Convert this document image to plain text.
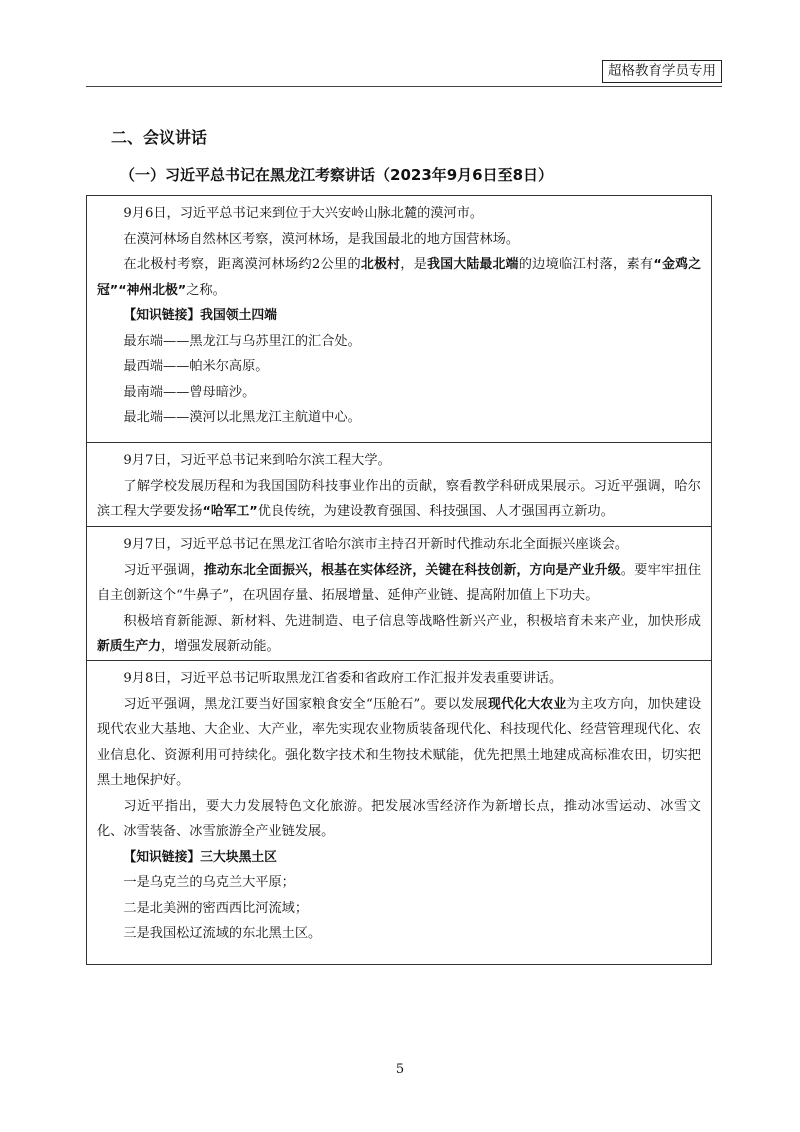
超格教育学员专用
二、会议讲话
（一）习近平总书记在黑龙江考察讲话（2023年9月6日至8日）

9月6日，习近平总书记来到位于大兴安岭山脉北麓的漠河市。

在漠河林场自然林区考察，漠河林场，是我国最北的地方国营林场。

在北极村考察，距离漠河林场约2公里的北极村，是我国大陆最北端的边境临江村落，素有“金鸡之冠”“神州北极”之称。

【知识链接】我国领土四端

最东端——黑龙江与乌苏里江的汇合处。

最西端——帕米尔高原。

最南端——曾母暗沙。

最北端——漠河以北黑龙江主航道中心。

9月7日，习近平总书记来到哈尔滨工程大学。

了解学校发展历程和为我国国防科技事业作出的贡献，察看教学科研成果展示。习近平强调，哈尔滨工程大学要发扬“哈军工”优良传统，为建设教育强国、科技强国、人才强国再立新功。

9月7日，习近平总书记在黑龙江省哈尔滨市主持召开新时代推动东北全面振兴座谈会。

习近平强调，推动东北全面振兴，根基在实体经济，关键在科技创新，方向是产业升级。要牢牢扭住自主创新这个“牛鼻子”，在巩固存量、拓展增量、延伸产业链、提高附加值上下功夫。

积极培育新能源、新材料、先进制造、电子信息等战略性新兴产业，积极培育未来产业，加快形成新质生产力，增强发展新动能。

9月8日，习近平总书记听取黑龙江省委和省政府工作汇报并发表重要讲话。

习近平强调，黑龙江要当好国家粮食安全“压舱石”。要以发展现代化大农业为主攻方向，加快建设现代农业大基地、大企业、大产业，率先实现农业物质装备现代化、科技现代化、经营管理现代化、农业信息化、资源利用可持续化。强化数字技术和生物技术赋能，优先把黑土地建成高标准农田，切实把黑土地保护好。

习近平指出，要大力发展特色文化旅游。把发展冰雪经济作为新增长点，推动冰雪运动、冰雪文化、冰雪装备、冰雪旅游全产业链发展。

【知识链接】三大块黑土区

一是乌克兰的乌克兰大平原；

二是北美洲的密西西比河流域；

三是我国松辽流域的东北黑土区。

5
